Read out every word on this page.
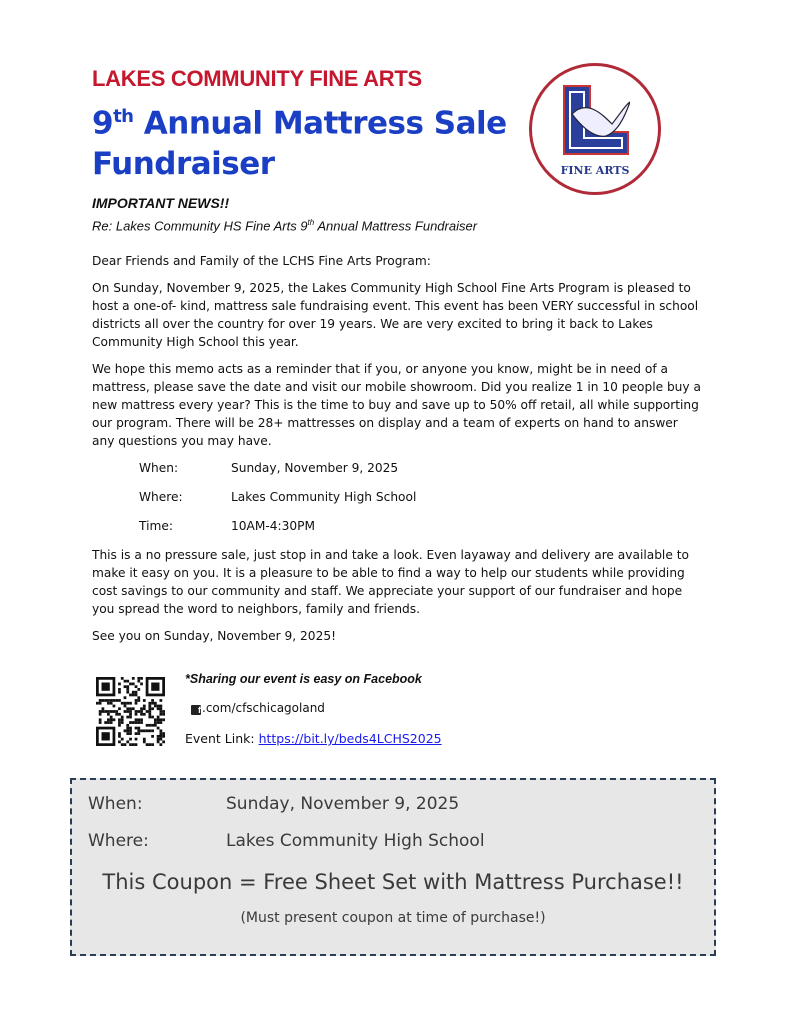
LAKES COMMUNITY FINE ARTS
9th Annual Mattress Sale Fundraiser	FINE ARTS
IMPORTANT NEWS!!
Re: Lakes Community HS Fine Arts 9th Annual Mattress Fundraiser

Dear Friends and Family of the LCHS Fine Arts Program:

On Sunday, November 9, 2025, the Lakes Community High School Fine Arts Program is pleased to host a one-of- kind, mattress sale fundraising event. This event has been VERY successful in school districts all over the country for over 19 years. We are very excited to bring it back to Lakes Community High School this year.

We hope this memo acts as a reminder that if you, or anyone you know, might be in need of a mattress, please save the date and visit our mobile showroom. Did you realize 1 in 10 people buy a new mattress every year? This is the time to buy and save up to 50% off retail, all while supporting our program. There will be 28+ mattresses on display and a team of experts on hand to answer any questions you may have.

When:	Sunday, November 9, 2025
Where:	Lakes Community High School
Time:	10AM-4:30PM

This is a no pressure sale, just stop in and take a look. Even layaway and delivery are available to make it easy on you. It is a pleasure to be able to find a way to help our students while providing cost savings to our community and staff. We appreciate your support of our fundraiser and hope you spread the word to neighbors, family and friends.

See you on Sunday, November 9, 2025!

*Sharing our event is easy on Facebook
f.com/cfschicagoland
Event Link: https://bit.ly/beds4LCHS2025
When:	Sunday, November 9, 2025
Where:	Lakes Community High School
This Coupon = Free Sheet Set with Mattress Purchase!!
(Must present coupon at time of purchase!)
